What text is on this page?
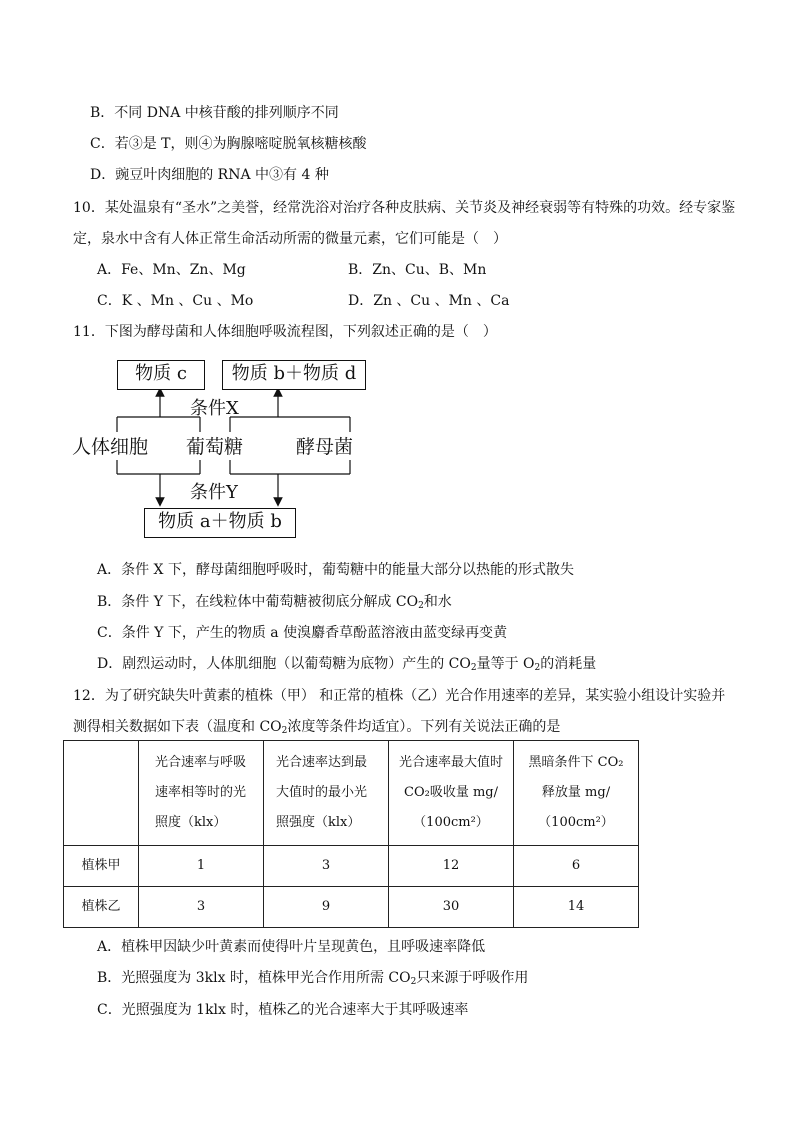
B．不同 DNA 中核苷酸的排列顺序不同
C．若③是 T，则④为胸腺嘧啶脱氧核糖核酸
D．豌豆叶肉细胞的 RNA 中③有 4 种
10．某处温泉有“圣水”之美誉，经常洗浴对治疗各种皮肤病、关节炎及神经衰弱等有特殊的功效。经专家鉴
定，泉水中含有人体正常生命活动所需的微量元素，它们可能是（　）
A．Fe、Mn、Zn、Mg	B．Zn、Cu、B、Mn
C．K 、Mn 、Cu 、Mo	D．Zn 、Cu 、Mn 、Ca
11．下图为酵母菌和人体细胞呼吸流程图，下列叙述正确的是（　）
物质 c	物质 b＋物质 d
条件X
人体细胞 葡萄糖	酵母菌
条件Y
物质 a＋物质 b
A．条件 X 下，酵母菌细胞呼吸时，葡萄糖中的能量大部分以热能的形式散失
B．条件 Y 下，在线粒体中葡萄糖被彻底分解成 $CO_2$和水
C．条件 Y 下，产生的物质 a 使溴麝香草酚蓝溶液由蓝变绿再变黄
D．剧烈运动时，人体肌细胞（以葡萄糖为底物）产生的 $CO_2$量等于 $O_2$的消耗量
12．为了研究缺失叶黄素的植株（甲） 和正常的植株（乙）光合作用速率的差异，某实验小组设计实验并
测得相关数据如下表（温度和 $CO_2$浓度等条件均适宜）。下列有关说法正确的是

	光合速率与呼吸速率相等时的光照度（klx）	光合速率达到最大值时的最小光照强度（klx）	光合速率最大值时 CO₂吸收量 mg/（100cm²）	黑暗条件下 CO₂释放量 mg/（100cm²）

植株甲	1	3	12	6
植株乙	3	9	30	14
A．植株甲因缺少叶黄素而使得叶片呈现黄色，且呼吸速率降低
B．光照强度为 3klx 时，植株甲光合作用所需 $CO_2$只来源于呼吸作用
C．光照强度为 1klx 时，植株乙的光合速率大于其呼吸速率
